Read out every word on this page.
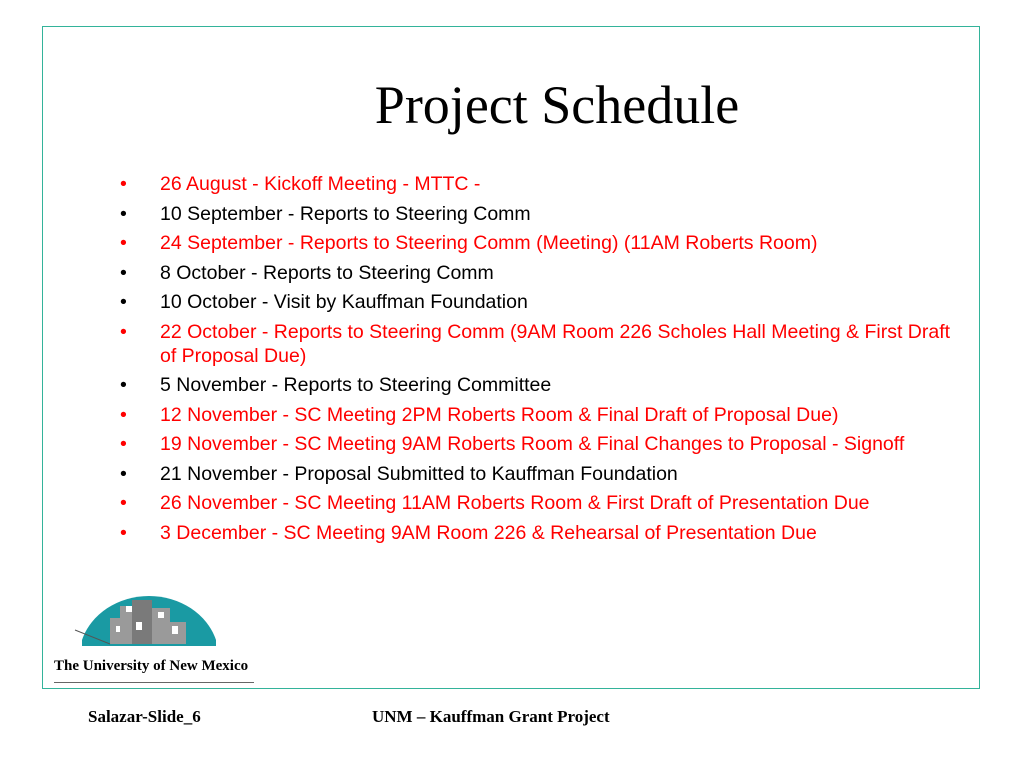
Project Schedule
•	26 August - Kickoff Meeting - MTTC -
•	10 September - Reports to Steering Comm
•	24 September - Reports to Steering Comm (Meeting) (11AM Roberts Room)
•	8 October - Reports to Steering Comm
•	10 October - Visit by Kauffman Foundation
•	22 October - Reports to Steering Comm (9AM Room 226 Scholes Hall Meeting & First Draft of Proposal Due)
•	5 November - Reports to Steering Committee
•	12 November - SC Meeting 2PM Roberts Room & Final Draft of Proposal Due)
•	19 November - SC Meeting 9AM Roberts Room & Final Changes to Proposal - Signoff
•	21 November - Proposal Submitted to Kauffman Foundation
•	26 November - SC Meeting 11AM Roberts Room & First Draft of Presentation Due
•	3 December - SC Meeting 9AM Room 226 & Rehearsal of Presentation Due
The University of New Mexico
Salazar-Slide_6	UNM – Kauffman Grant Project
